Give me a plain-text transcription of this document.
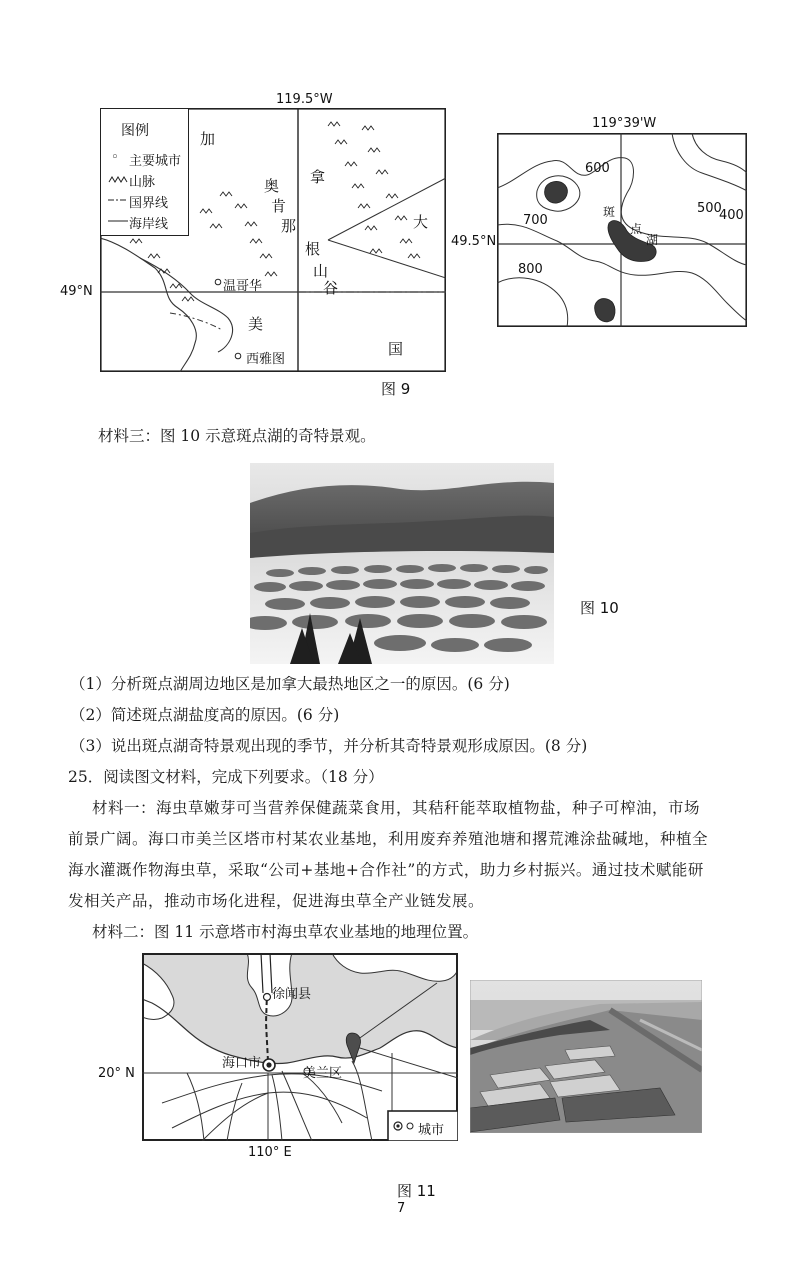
119.5°W
图例
◦ 主要城市
山脉
国界线
海岸线
49°N
加
拿
大
奥
肯
那
根
山
谷
温哥华
西雅图
美
国
119°39'W
600
700
800
500
400
49.5°N
斑
点
湖
图 9
材料三：图 10 示意斑点湖的奇特景观。
图 10
（1）分析斑点湖周边地区是加拿大最热地区之一的原因。(6 分)
（2）简述斑点湖盐度高的原因。(6 分)
（3）说出斑点湖奇特景观出现的季节，并分析其奇特景观形成原因。(8 分)
25．阅读图文材料，完成下列要求。（18 分）
材料一：海虫草嫩芽可当营养保健蔬菜食用，其秸秆能萃取植物盐，种子可榨油，市场
前景广阔。海口市美兰区塔市村某农业基地，利用废弃养殖池塘和撂荒滩涂盐碱地，种植全
海水灌溉作物海虫草，采取“公司+基地+合作社”的方式，助力乡村振兴。通过技术赋能研
发相关产品，推动市场化进程，促进海虫草全产业链发展。
材料二：图 11 示意塔市村海虫草农业基地的地理位置。
徐闻县
海口市
美兰区
20° N
110° E
城市
图 11
7
